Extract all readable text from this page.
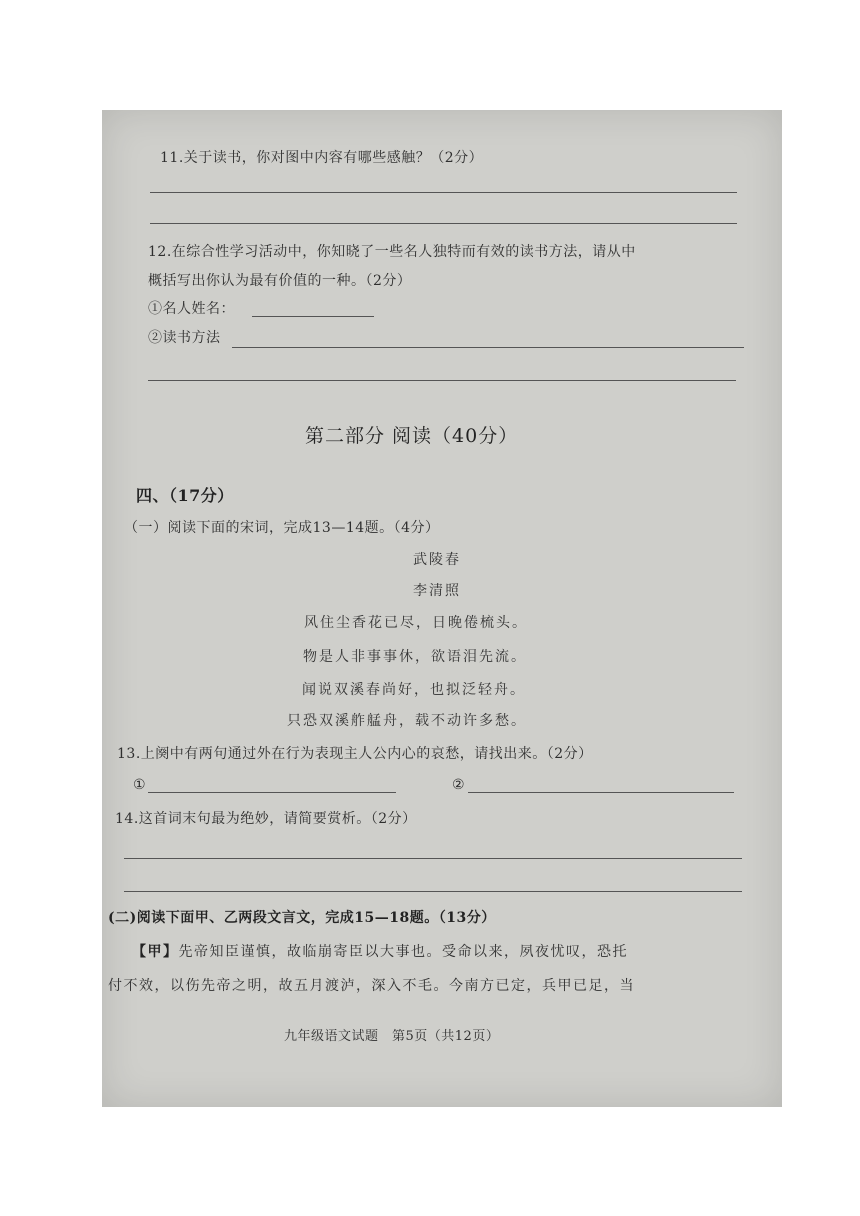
11.关于读书，你对图中内容有哪些感触？（2分）
12.在综合性学习活动中，你知晓了一些名人独特而有效的读书方法，请从中
概括写出你认为最有价值的一种。（2分）
①名人姓名：
②读书方法
第二部分 阅读（40分）
四、（17分）
（一）阅读下面的宋词，完成13—14题。（4分）
武陵春
李清照
风住尘香花已尽，日晚倦梳头。
物是人非事事休，欲语泪先流。
闻说双溪春尚好，也拟泛轻舟。
只恐双溪舴艋舟，载不动许多愁。
13.上阕中有两句通过外在行为表现主人公内心的哀愁，请找出来。（2分）
①	②
14.这首词末句最为绝妙，请简要赏析。（2分）
(二)阅读下面甲、乙两段文言文，完成15—18题。（13分）
【甲】先帝知臣谨慎，故临崩寄臣以大事也。受命以来，夙夜忧叹，恐托
付不效，以伤先帝之明，故五月渡泸，深入不毛。今南方已定，兵甲已足，当
九年级语文试题　第5页（共12页）
